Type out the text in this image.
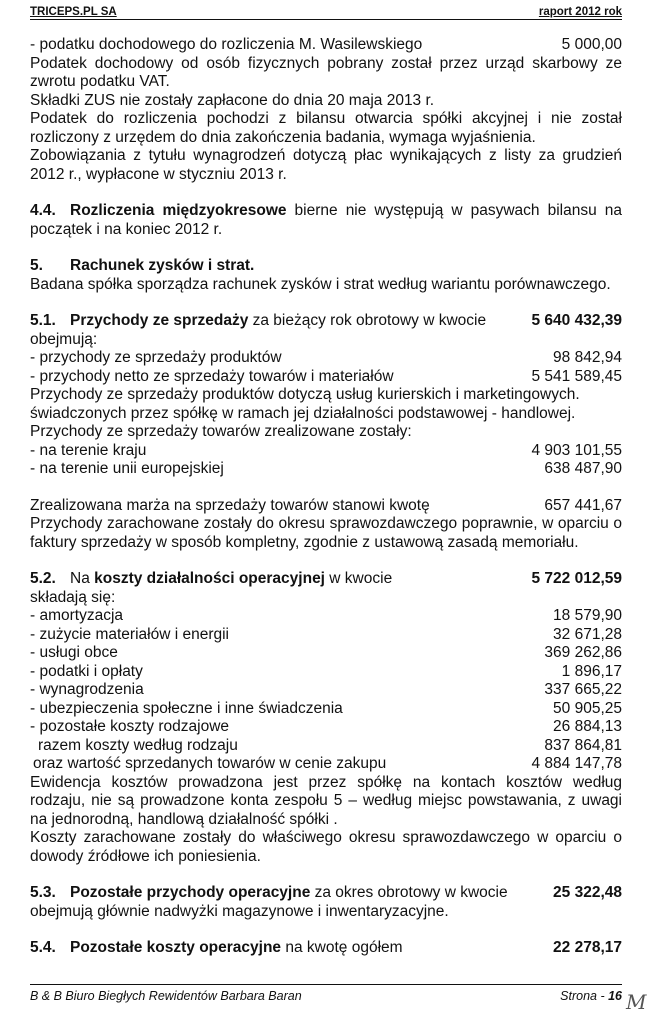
TRICEPS.PL SA	raport 2012 rok
- podatku dochodowego do rozliczenia M. Wasilewskiego	5 000,00

Podatek dochodowy od osób fizycznych pobrany został przez urząd skarbowy ze zwrotu podatku VAT.

Składki ZUS nie zostały zapłacone do dnia 20 maja 2013 r.

Podatek do rozliczenia pochodzi z bilansu otwarcia spółki akcyjnej i nie został rozliczony z urzędem do dnia zakończenia badania, wymaga wyjaśnienia.

Zobowiązania z tytułu wynagrodzeń dotyczą płac wynikających z listy za grudzień 2012 r., wypłacone w styczniu 2013 r.

4.4. Rozliczenia międzyokresowe bierne nie występują w pasywach bilansu na początek i na koniec 2012 r.

5. Rachunek zysków i strat.

Badana spółka sporządza rachunek zysków i strat według wariantu porównawczego.

5.1. Przychody ze sprzedaży za bieżący rok obrotowy w kwocie	5 640 432,39

obejmują:

- przychody ze sprzedaży produktów	98 842,94
- przychody netto ze sprzedaży towarów i materiałów	5 541 589,45

Przychody ze sprzedaży produktów dotyczą usług kurierskich i marketingowych. świadczonych przez spółkę w ramach jej działalności podstawowej - handlowej.

Przychody ze sprzedaży towarów zrealizowane zostały:

- na terenie kraju	4 903 101,55
- na terenie unii europejskiej	638 487,90
Zrealizowana marża na sprzedaży towarów stanowi kwotę	657 441,67

Przychody zarachowane zostały do okresu sprawozdawczego poprawnie, w oparciu o faktury sprzedaży w sposób kompletny, zgodnie z ustawową zasadą memoriału.

5.2. Na koszty działalności operacyjnej w kwocie	5 722 012,59

składają się:

- amortyzacja	18 579,90
- zużycie materiałów i energii	32 671,28
- usługi obce	369 262,86
- podatki i opłaty	1 896,17
- wynagrodzenia	337 665,22
- ubezpieczenia społeczne i inne świadczenia	50 905,25
- pozostałe koszty rodzajowe	26 884,13
razem koszty według rodzaju	837 864,81
oraz wartość sprzedanych towarów w cenie zakupu	4 884 147,78

Ewidencja kosztów prowadzona jest przez spółkę na kontach kosztów według rodzaju, nie są prowadzone konta zespołu 5 – według miejsc powstawania, z uwagi na jednorodną, handlową działalność spółki .

Koszty zarachowane zostały do właściwego okresu sprawozdawczego w oparciu o dowody źródłowe ich poniesienia.

5.3. Pozostałe przychody operacyjne za okres obrotowy w kwocie	25 322,48

obejmują głównie nadwyżki magazynowe i inwentaryzacyjne.

5.4. Pozostałe koszty operacyjne na kwotę ogółem	22 278,17
B & B Biuro Biegłych Rewidentów Barbara Baran	Strona - 16 M
